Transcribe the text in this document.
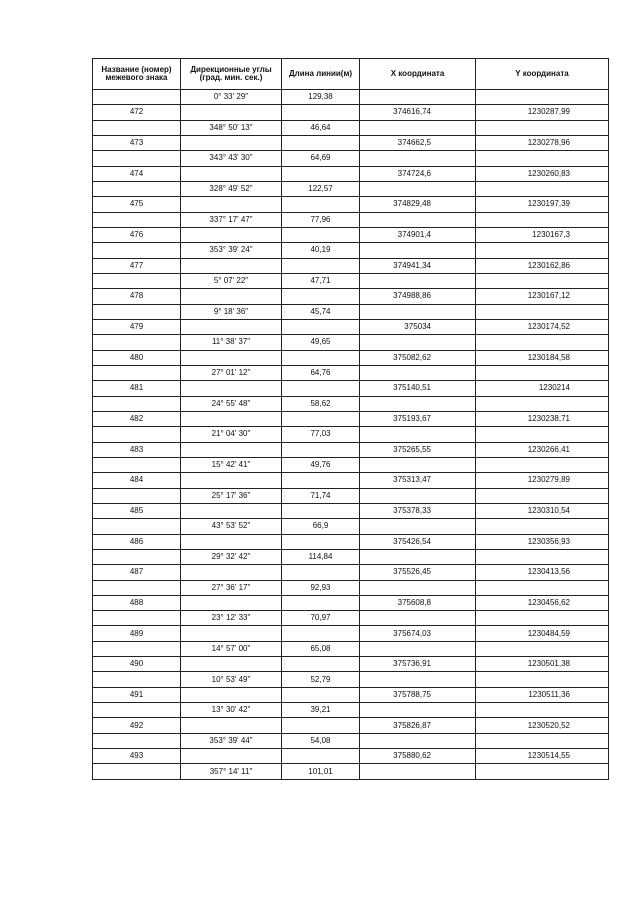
Название (номер) межевого знака	Дирекционные углы (град. мин. сек.)	Длина линии(м)	X координата	Y координата
	0° 33' 29"	129,38		
472			374616,74	1230287,99
	348° 50' 13"	46,64		
473			374662,5	1230278,96
	343° 43' 30"	64,69		
474			374724,6	1230260,83
	328° 49' 52"	122,57		
475			374829,48	1230197,39
	337° 17' 47"	77,96		
476			374901,4	1230167,3
	353° 39' 24"	40,19		
477			374941,34	1230162,86
	5° 07' 22"	47,71		
478			374988,86	1230167,12
	9° 18' 36"	45,74		
479			375034	1230174,52
	11° 38' 37"	49,65		
480			375082,62	1230184,58
	27° 01' 12"	64,76		
481			375140,51	1230214
	24° 55' 48"	58,62		
482			375193,67	1230238,71
	21° 04' 30"	77,03		
483			375265,55	1230266,41
	15° 42' 41"	49,76		
484			375313,47	1230279,89
	25° 17' 36"	71,74		
485			375378,33	1230310,54
	43° 53' 52"	66,9		
486			375426,54	1230356,93
	29° 32' 42"	114,84		
487			375526,45	1230413,56
	27° 36' 17"	92,93		
488			375608,8	1230456,62
	23° 12' 33"	70,97		
489			375674,03	1230484,59
	14° 57' 00"	65,08		
490			375736,91	1230501,38
	10° 53' 49"	52,79		
491			375788,75	1230511,36
	13° 30' 42"	39,21		
492			375826,87	1230520,52
	353° 39' 44"	54,08		
493			375880,62	1230514,55
	357° 14' 11"	101,01		
